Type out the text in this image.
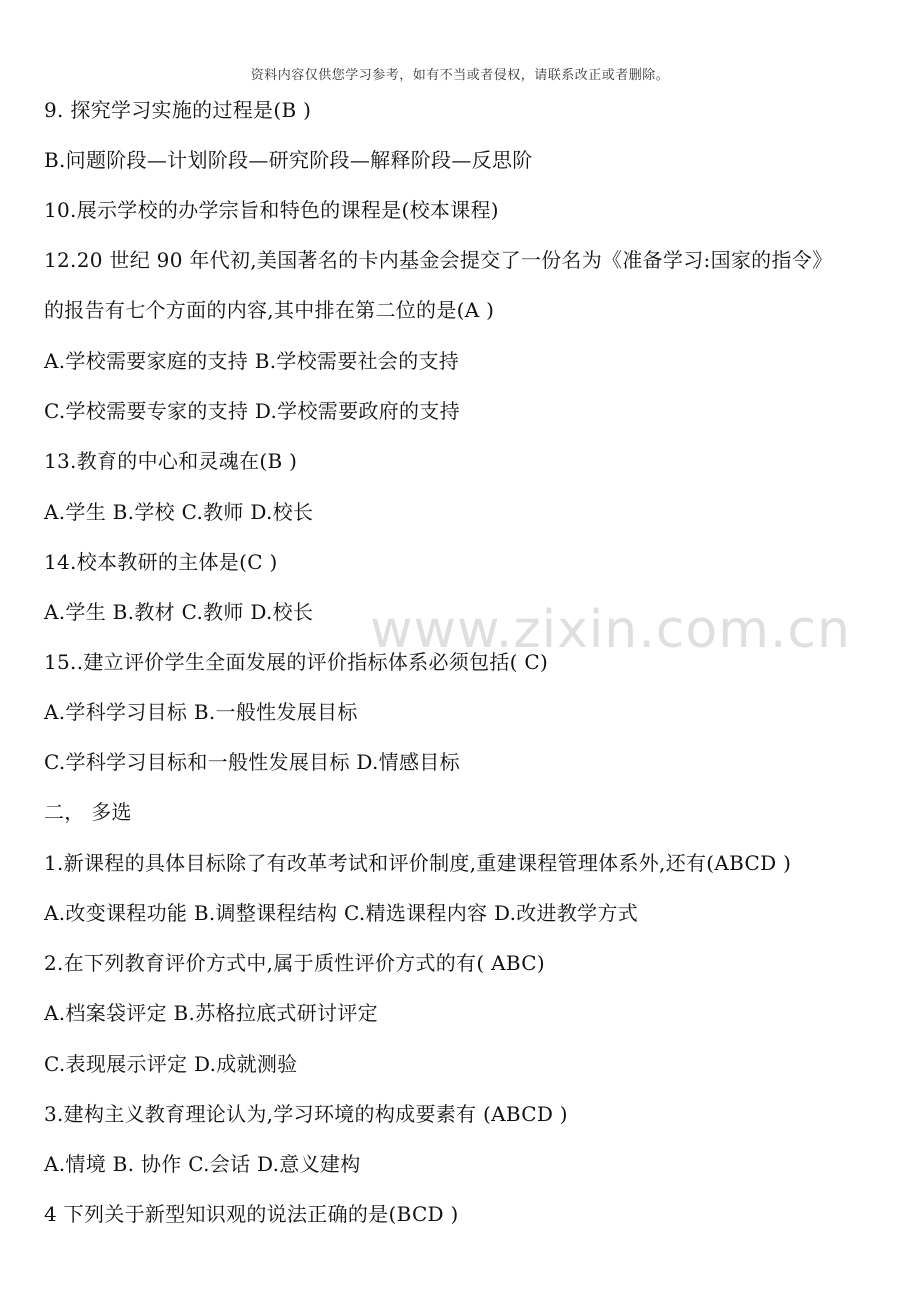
资料内容仅供您学习参考，如有不当或者侵权，请联系改正或者删除。
www.zixin.com.cn
9. 探究学习实施的过程是(B )
B.问题阶段—计划阶段—研究阶段—解释阶段—反思阶
10.展示学校的办学宗旨和特色的课程是(校本课程)
12.20 世纪 90 年代初,美国著名的卡内基金会提交了一份名为《准备学习:国家的指令》
的报告有七个方面的内容,其中排在第二位的是(A )
A.学校需要家庭的支持 B.学校需要社会的支持
C.学校需要专家的支持 D.学校需要政府的支持
13.教育的中心和灵魂在(B )
A.学生 B.学校 C.教师 D.校长
14.校本教研的主体是(C )
A.学生 B.教材 C.教师 D.校长
15..建立评价学生全面发展的评价指标体系必须包括( C)
A.学科学习目标 B.一般性发展目标
C.学科学习目标和一般性发展目标 D.情感目标
二， 多选
1.新课程的具体目标除了有改革考试和评价制度,重建课程管理体系外,还有(ABCD )
A.改变课程功能 B.调整课程结构 C.精选课程内容 D.改进教学方式
2.在下列教育评价方式中,属于质性评价方式的有( ABC)
A.档案袋评定 B.苏格拉底式研讨评定
C.表现展示评定 D.成就测验
3.建构主义教育理论认为,学习环境的构成要素有 (ABCD )
A.情境 B. 协作 C.会话 D.意义建构
4 下列关于新型知识观的说法正确的是(BCD )
